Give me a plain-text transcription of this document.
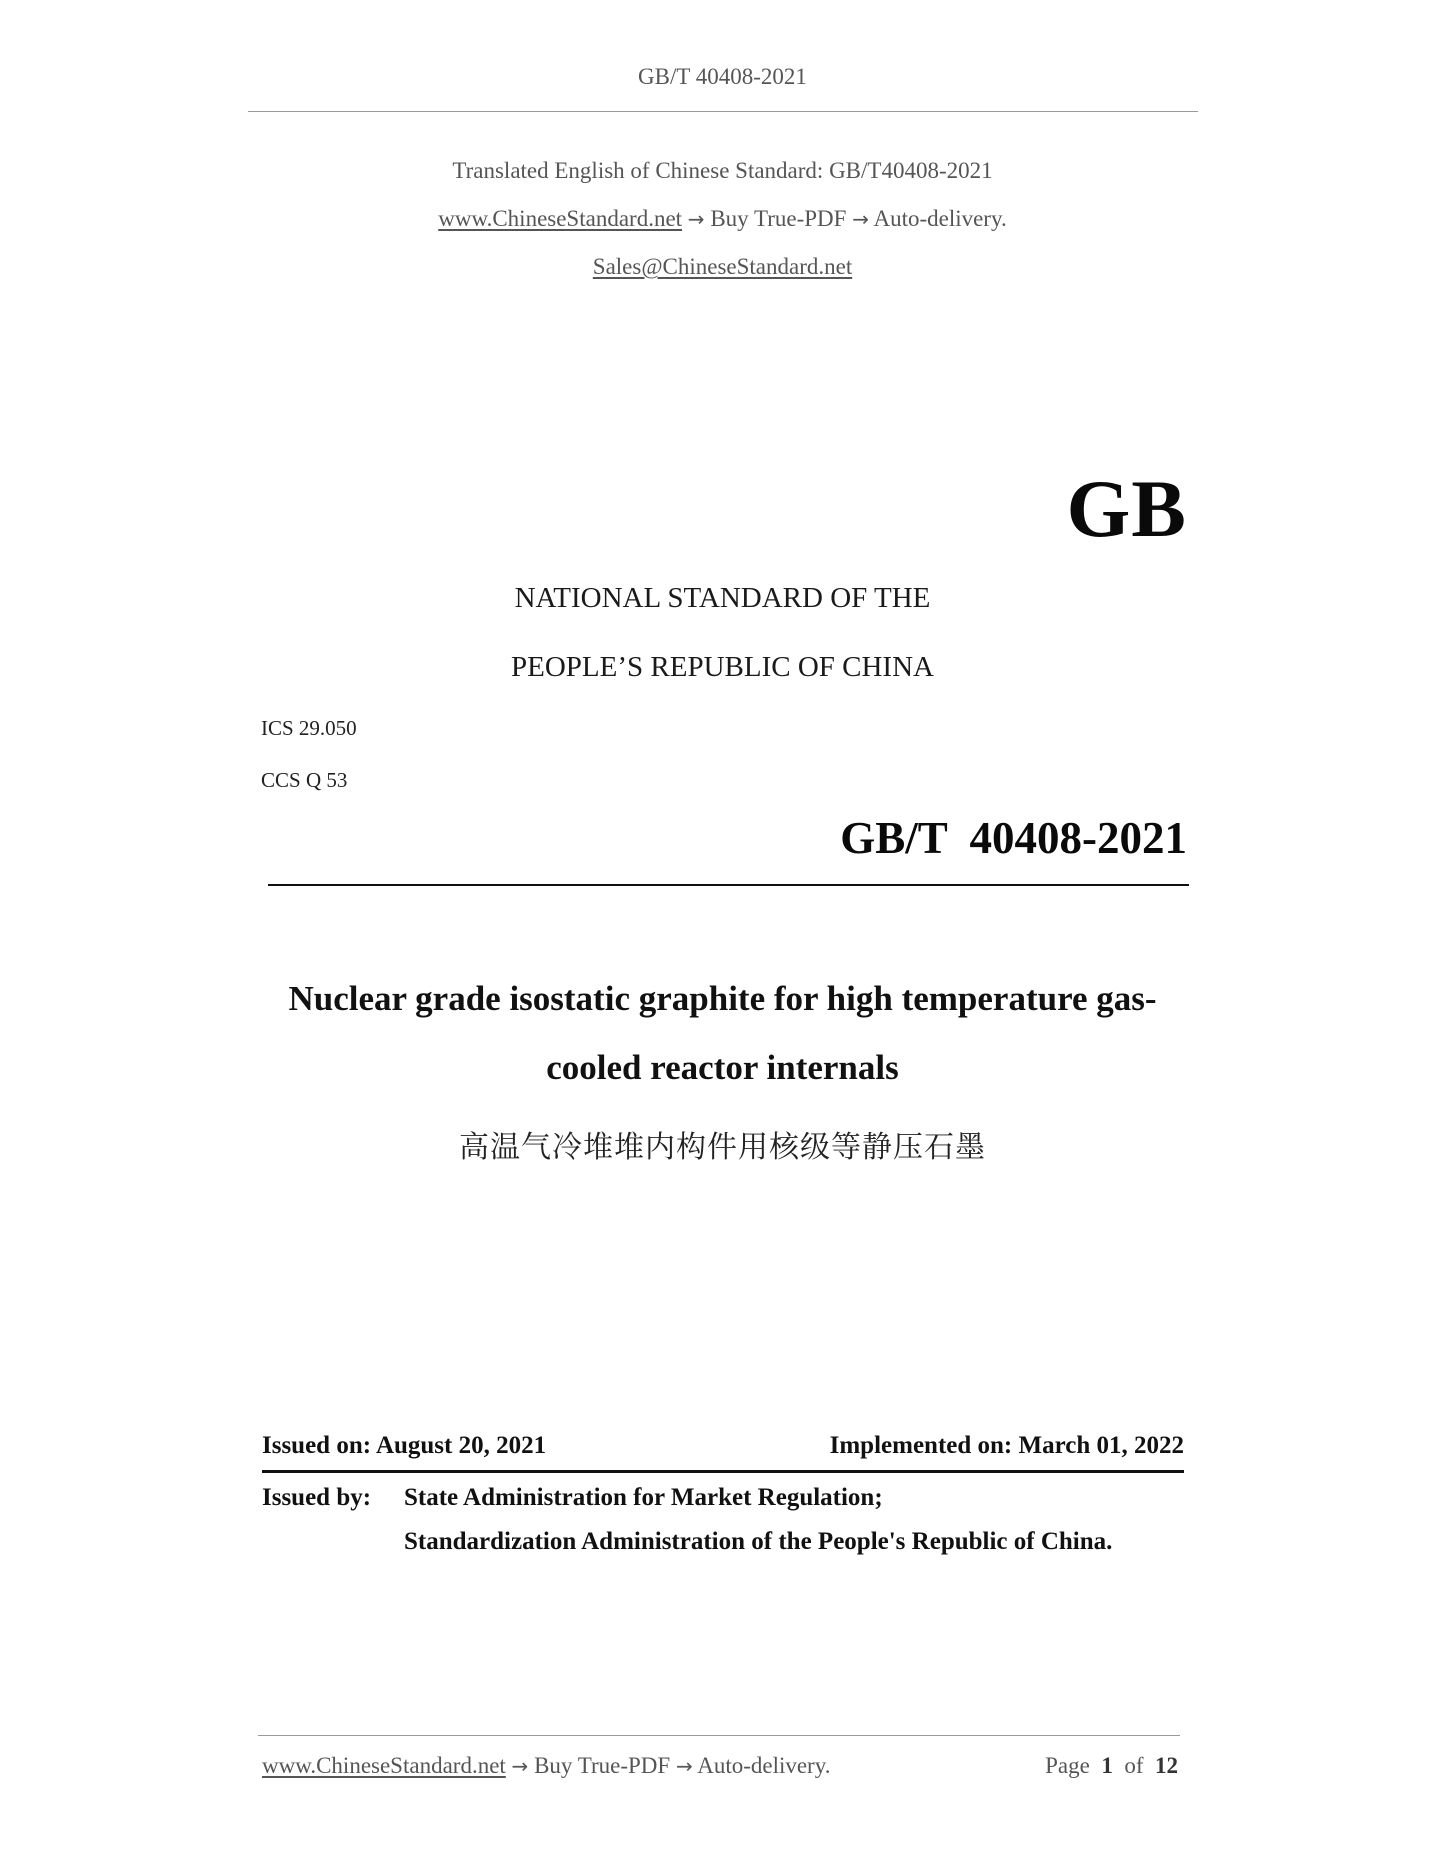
GB/T 40408-2021
Translated English of Chinese Standard: GB/T40408-2021
www.ChineseStandard.net → Buy True-PDF → Auto-delivery.
Sales@ChineseStandard.net
GB
NATIONAL STANDARD OF THE
PEOPLE’S REPUBLIC OF CHINA
ICS 29.050
CCS Q 53
GB/T  40408-2021
Nuclear grade isostatic graphite for high temperature gas-
cooled reactor internals
高温气冷堆堆内构件用核级等静压石墨
Issued on: August 20, 2021	Implemented on: March 01, 2022
Issued by: State Administration for Market Regulation;
Standardization Administration of the People's Republic of China.
www.ChineseStandard.net → Buy True-PDF → Auto-delivery.	Page 1 of 12
